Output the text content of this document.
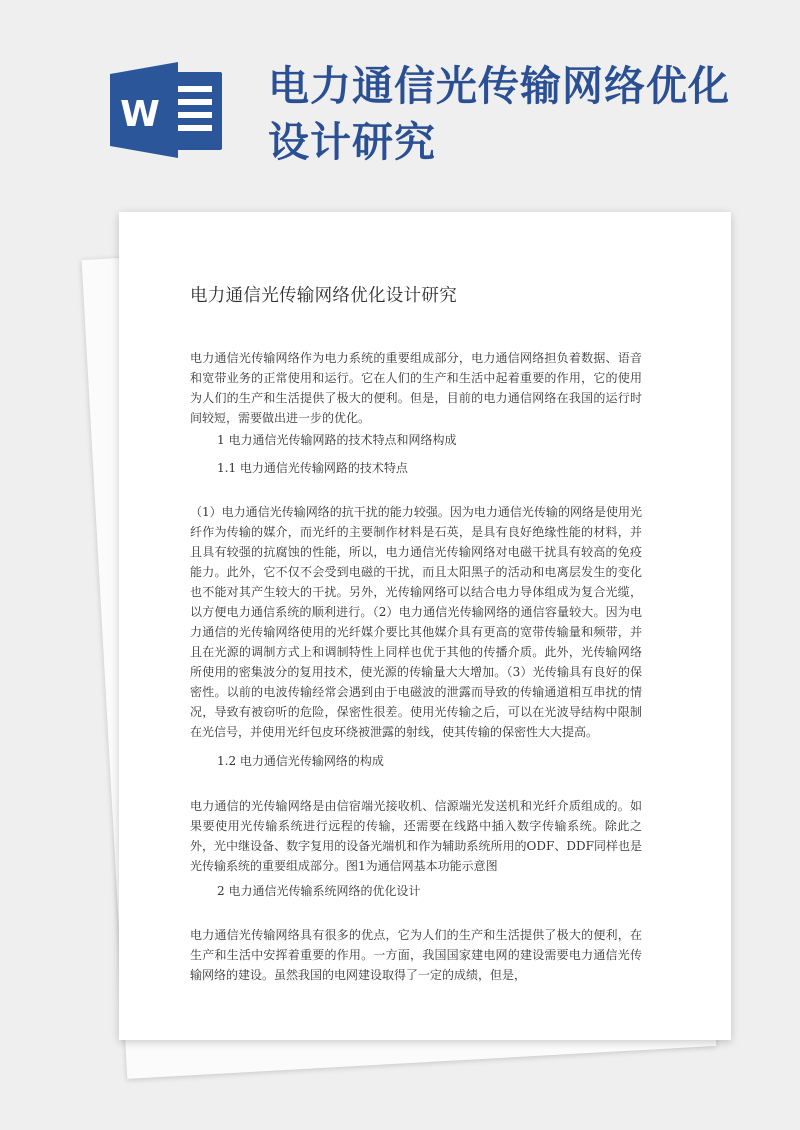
W
电力通信光传输网络优化设计研究
电力通信光传输网络优化设计研究

电力通信光传输网络作为电力系统的重要组成部分，电力通信网络担负着数据、语音和宽带业务的正常使用和运行。它在人们的生产和生活中起着重要的作用，它的使用为人们的生产和生活提供了极大的便利。但是，目前的电力通信网络在我国的运行时间较短，需要做出进一步的优化。

1 电力通信光传输网路的技术特点和网络构成

1.1 电力通信光传输网路的技术特点

（1）电力通信光传输网络的抗干扰的能力较强。因为电力通信光传输的网络是使用光纤作为传输的媒介，而光纤的主要制作材料是石英，是具有良好绝缘性能的材料，并且具有较强的抗腐蚀的性能，所以，电力通信光传输网络对电磁干扰具有较高的免疫能力。此外，它不仅不会受到电磁的干扰，而且太阳黑子的活动和电离层发生的变化也不能对其产生较大的干扰。另外，光传输网络可以结合电力导体组成为复合光缆，以方便电力通信系统的顺利进行。（2）电力通信光传输网络的通信容量较大。因为电力通信的光传输网络使用的光纤媒介要比其他媒介具有更高的宽带传输量和频带，并且在光源的调制方式上和调制特性上同样也优于其他的传播介质。此外，光传输网络所使用的密集波分的复用技术，使光源的传输量大大增加。（3）光传输具有良好的保密性。以前的电波传输经常会遇到由于电磁波的泄露而导致的传输通道相互串扰的情况，导致有被窃听的危险，保密性很差。使用光传输之后，可以在光波导结构中限制在光信号，并使用光纤包皮环绕被泄露的射线，使其传输的保密性大大提高。

1.2 电力通信光传输网络的构成

电力通信的光传输网络是由信宿端光接收机、信源端光发送机和光纤介质组成的。如果要使用光传输系统进行远程的传输，还需要在线路中插入数字传输系统。除此之外，光中继设备、数字复用的设备光端机和作为辅助系统所用的ODF、DDF同样也是光传输系统的重要组成部分。图1为通信网基本功能示意图

2 电力通信光传输系统网络的优化设计

电力通信光传输网络具有很多的优点，它为人们的生产和生活提供了极大的便利，在生产和生活中安挥着重要的作用。一方面，我国国家建电网的建设需要电力通信光传输网络的建设。虽然我国的电网建设取得了一定的成绩，但是，
